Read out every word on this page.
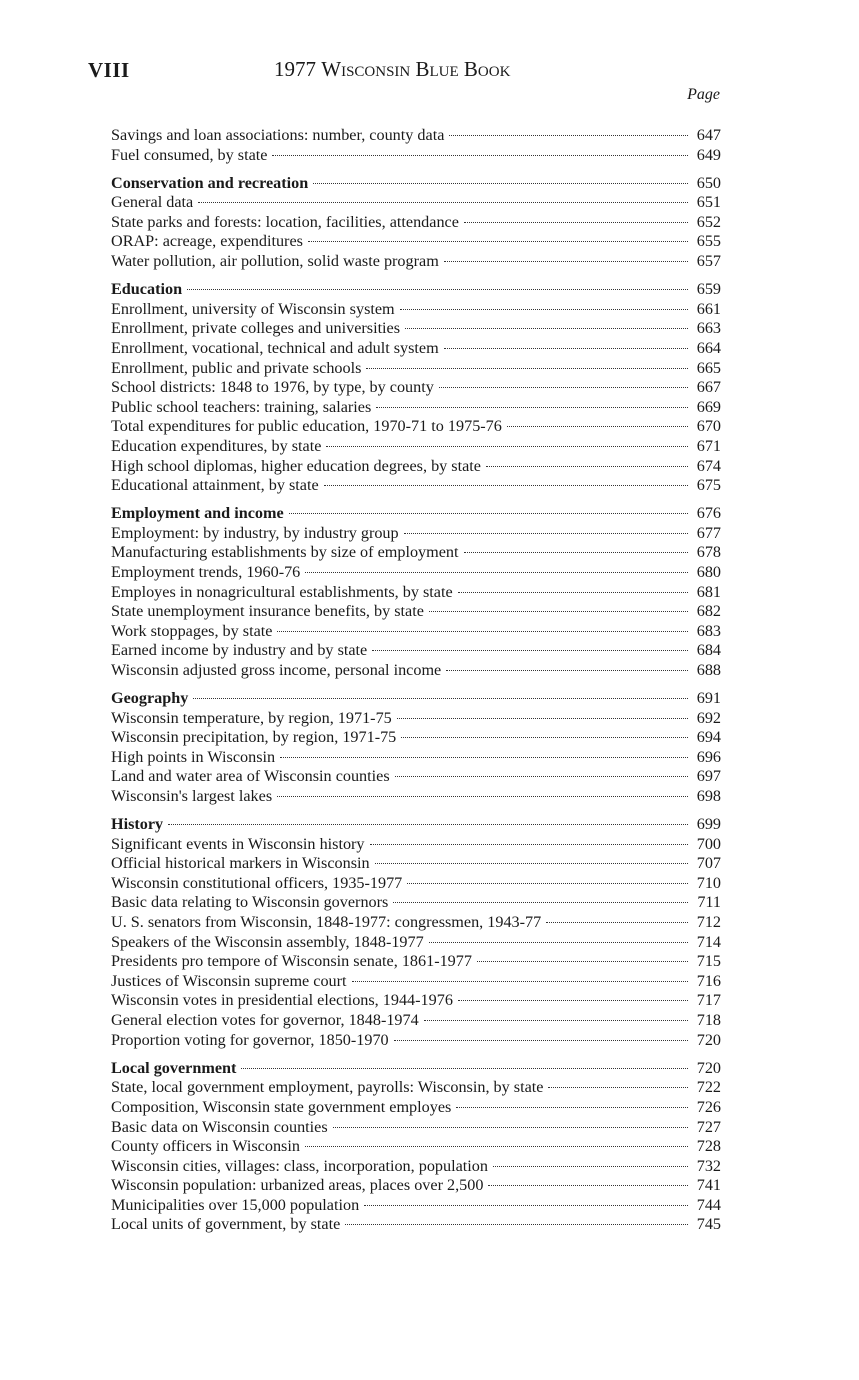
VIII	1977 Wisconsin Blue Book
Page
Savings and loan associations: number, county data	647
Fuel consumed, by state	649
Conservation and recreation	650
General data	651
State parks and forests: location, facilities, attendance	652
ORAP: acreage, expenditures	655
Water pollution, air pollution, solid waste program	657
Education	659
Enrollment, university of Wisconsin system	661
Enrollment, private colleges and universities	663
Enrollment, vocational, technical and adult system	664
Enrollment, public and private schools	665
School districts: 1848 to 1976, by type, by county	667
Public school teachers: training, salaries	669
Total expenditures for public education, 1970-71 to 1975-76	670
Education expenditures, by state	671
High school diplomas, higher education degrees, by state	674
Educational attainment, by state	675
Employment and income	676
Employment: by industry, by industry group	677
Manufacturing establishments by size of employment	678
Employment trends, 1960-76	680
Employes in nonagricultural establishments, by state	681
State unemployment insurance benefits, by state	682
Work stoppages, by state	683
Earned income by industry and by state	684
Wisconsin adjusted gross income, personal income	688
Geography	691
Wisconsin temperature, by region, 1971-75	692
Wisconsin precipitation, by region, 1971-75	694
High points in Wisconsin	696
Land and water area of Wisconsin counties	697
Wisconsin's largest lakes	698
History	699
Significant events in Wisconsin history	700
Official historical markers in Wisconsin	707
Wisconsin constitutional officers, 1935-1977	710
Basic data relating to Wisconsin governors	711
U. S. senators from Wisconsin, 1848-1977: congressmen, 1943-77	712
Speakers of the Wisconsin assembly, 1848-1977	714
Presidents pro tempore of Wisconsin senate, 1861-1977	715
Justices of Wisconsin supreme court	716
Wisconsin votes in presidential elections, 1944-1976	717
General election votes for governor, 1848-1974	718
Proportion voting for governor, 1850-1970	720
Local government	720
State, local government employment, payrolls: Wisconsin, by state	722
Composition, Wisconsin state government employes	726
Basic data on Wisconsin counties	727
County officers in Wisconsin	728
Wisconsin cities, villages: class, incorporation, population	732
Wisconsin population: urbanized areas, places over 2,500	741
Municipalities over 15,000 population	744
Local units of government, by state	745
